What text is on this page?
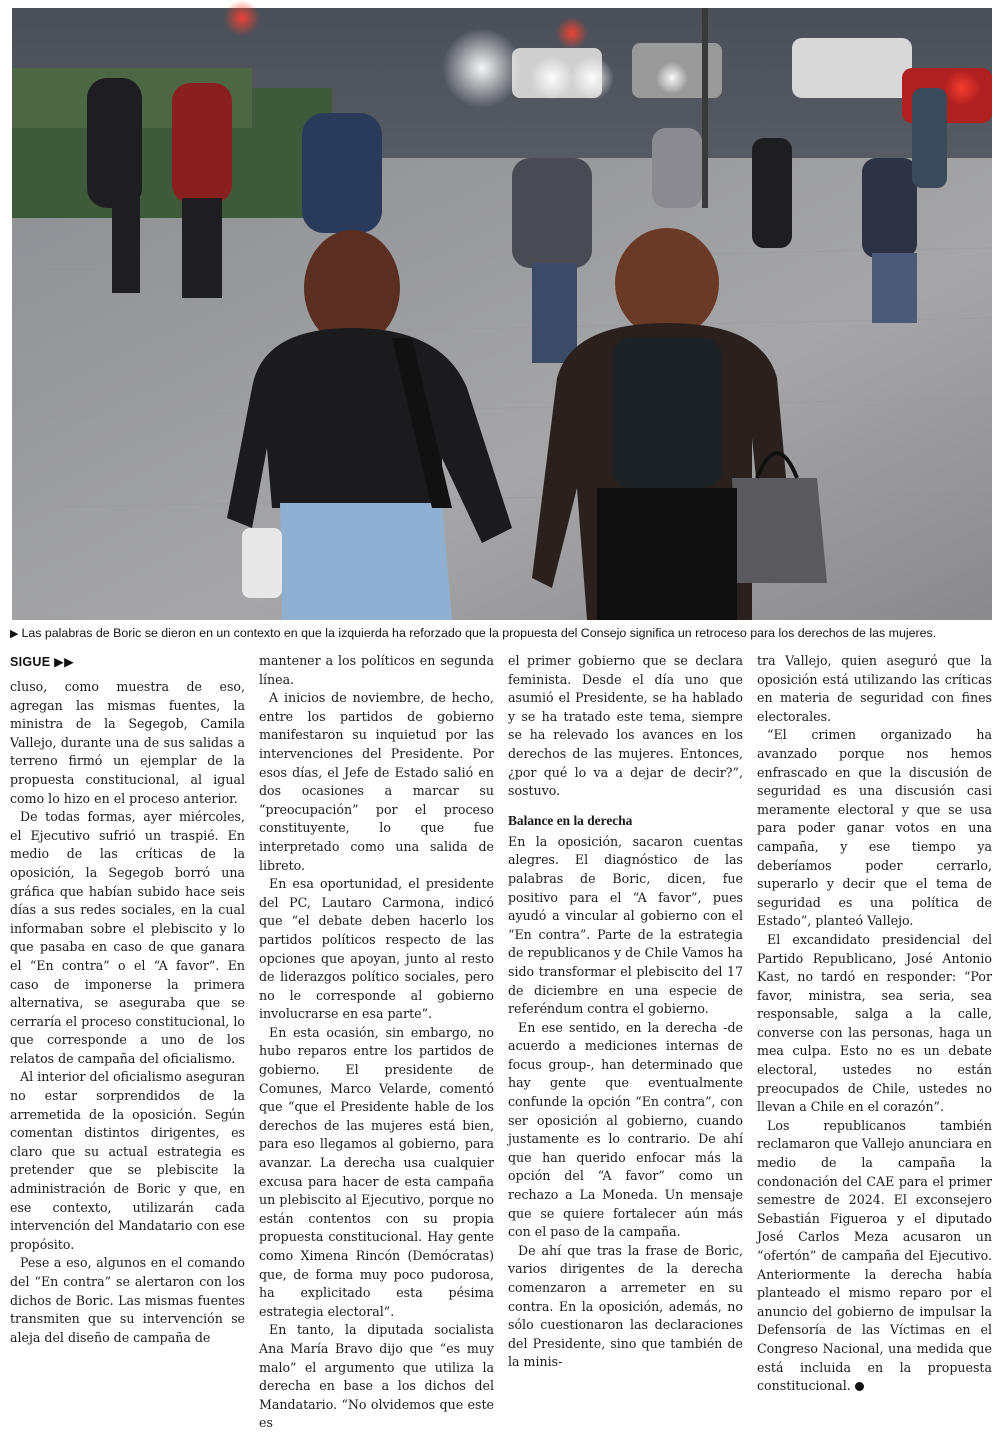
▶ Las palabras de Boric se dieron en un contexto en que la izquierda ha reforzado que la propuesta del Consejo significa un retroceso para los derechos de las mujeres.
SIGUE ▶▶

cluso, como muestra de eso, agregan las mismas fuentes, la ministra de la Segegob, Camila Vallejo, durante una de sus salidas a terreno firmó un ejemplar de la propuesta constitucional, al igual como lo hizo en el proceso anterior.

De todas formas, ayer miércoles, el Ejecutivo sufrió un traspié. En medio de las críticas de la oposición, la Segegob borró una gráfica que habían subido hace seis días a sus redes sociales, en la cual informaban sobre el plebiscito y lo que pasaba en caso de que ganara el “En contra” o el “A favor”. En caso de imponerse la primera alternativa, se aseguraba que se cerraría el proceso constitucional, lo que corresponde a uno de los relatos de campaña del oficialismo.

Al interior del oficialismo aseguran no estar sorprendidos de la arremetida de la oposición. Según comentan distintos dirigentes, es claro que su actual estrategia es pretender que se plebiscite la administración de Boric y que, en ese contexto, utilizarán cada intervención del Mandatario con ese propósito.

Pese a eso, algunos en el comando del “En contra” se alertaron con los dichos de Boric. Las mismas fuentes transmiten que su intervención se aleja del diseño de campaña de

mantener a los políticos en segunda línea.

A inicios de noviembre, de hecho, entre los partidos de gobierno manifestaron su inquietud por las intervenciones del Presidente. Por esos días, el Jefe de Estado salió en dos ocasiones a marcar su “preocupación” por el proceso constituyente, lo que fue interpretado como una salida de libreto.

En esa oportunidad, el presidente del PC, Lautaro Carmona, indicó que “el debate deben hacerlo los partidos políticos respecto de las opciones que apoyan, junto al resto de liderazgos político sociales, pero no le corresponde al gobierno involucrarse en esa parte”.

En esta ocasión, sin embargo, no hubo reparos entre los partidos de gobierno. El presidente de Comunes, Marco Velarde, comentó que “que el Presidente hable de los derechos de las mujeres está bien, para eso llegamos al gobierno, para avanzar. La derecha usa cualquier excusa para hacer de esta campaña un plebiscito al Ejecutivo, porque no están contentos con su propia propuesta constitucional. Hay gente como Ximena Rincón (Demócratas) que, de forma muy poco pudorosa, ha explicitado esta pésima estrategia electoral”.

En tanto, la diputada socialista Ana María Bravo dijo que “es muy malo” el argumento que utiliza la derecha en base a los dichos del Mandatario. “No olvidemos que este es

el primer gobierno que se declara feminista. Desde el día uno que asumió el Presidente, se ha hablado y se ha tratado este tema, siempre se ha relevado los avances en los derechos de las mujeres. Entonces, ¿por qué lo va a dejar de decir?”, sostuvo.

Balance en la derecha

En la oposición, sacaron cuentas alegres. El diagnóstico de las palabras de Boric, dicen, fue positivo para el “A favor”, pues ayudó a vincular al gobierno con el “En contra”. Parte de la estrategia de republicanos y de Chile Vamos ha sido transformar el plebiscito del 17 de diciembre en una especie de referéndum contra el gobierno.

En ese sentido, en la derecha -de acuerdo a mediciones internas de focus group-, han determinado que hay gente que eventualmente confunde la opción “En contra”, con ser oposición al gobierno, cuando justamente es lo contrario. De ahí que han querido enfocar más la opción del “A favor” como un rechazo a La Moneda. Un mensaje que se quiere fortalecer aún más con el paso de la campaña.

De ahí que tras la frase de Boric, varios dirigentes de la derecha comenzaron a arremeter en su contra. En la oposición, además, no sólo cuestionaron las declaraciones del Presidente, sino que también de la minis-

tra Vallejo, quien aseguró que la oposición está utilizando las críticas en materia de seguridad con fines electorales.

“El crimen organizado ha avanzado porque nos hemos enfrascado en que la discusión de seguridad es una discusión casi meramente electoral y que se usa para poder ganar votos en una campaña, y ese tiempo ya deberíamos poder cerrarlo, superarlo y decir que el tema de seguridad es una política de Estado”, planteó Vallejo.

El excandidato presidencial del Partido Republicano, José Antonio Kast, no tardó en responder: “Por favor, ministra, sea seria, sea responsable, salga a la calle, converse con las personas, haga un mea culpa. Esto no es un debate electoral, ustedes no están preocupados de Chile, ustedes no llevan a Chile en el corazón”.

Los republicanos también reclamaron que Vallejo anunciara en medio de la campaña la condonación del CAE para el primer semestre de 2024. El exconsejero Sebastián Figueroa y el diputado José Carlos Meza acusaron un “ofertón” de campaña del Ejecutivo. Anteriormente la derecha había planteado el mismo reparo por el anuncio del gobierno de impulsar la Defensoría de las Víctimas en el Congreso Nacional, una medida que está incluida en la propuesta constitucional.
